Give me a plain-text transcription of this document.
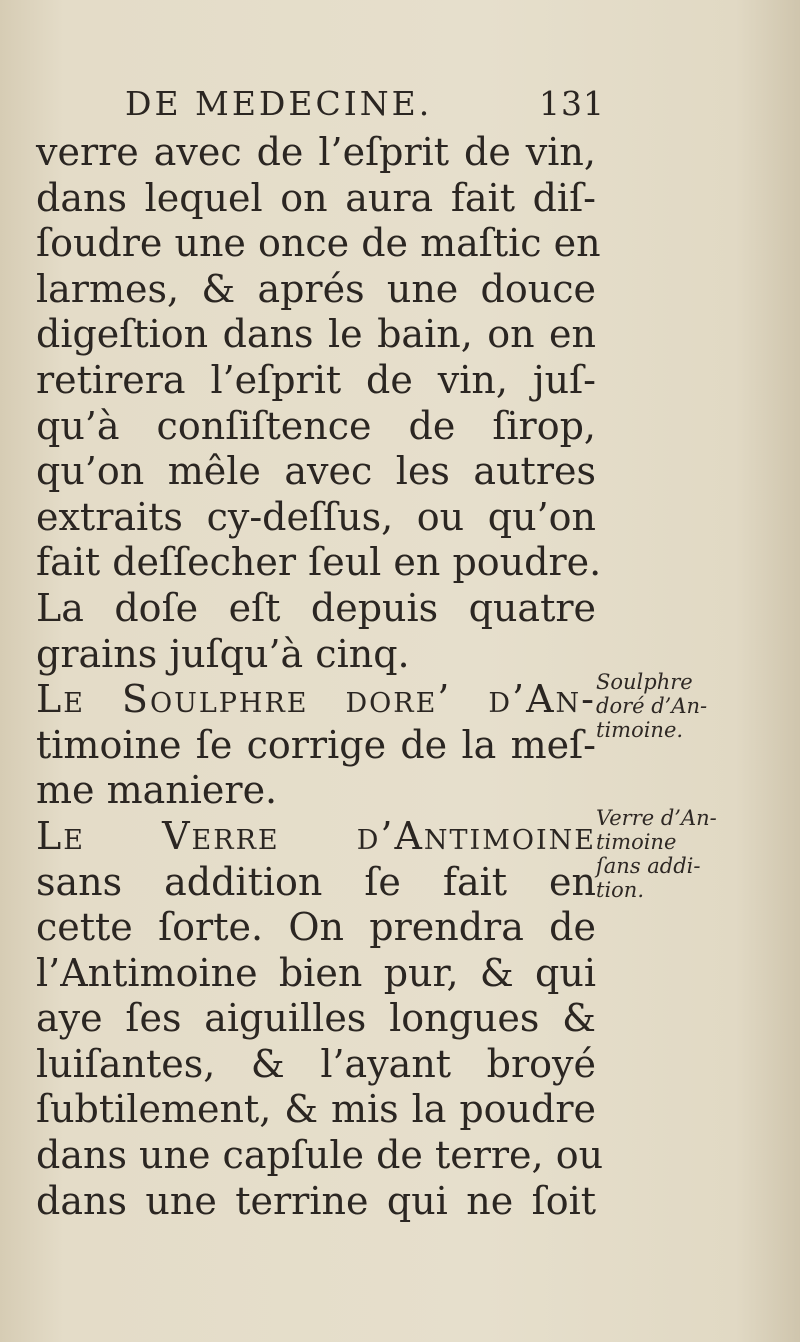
DE MEDECINE.	131
verre avec de l’eſprit de vin,
dans lequel on aura fait diſ-
ſoudre une once de maſtic en
larmes, & aprés une douce
digeſtion dans le bain, on en
retirera l’eſprit de vin, juſ-
qu’à conſiſtence de ſirop,
qu’on mêle avec les autres
extraits cy-deſſus, ou qu’on
fait deſſecher ſeul en poudre.
La doſe eſt depuis quatre
grains juſqu’à cinq.
Le Soulphre dore’ d’An-
timoine ſe corrige de la meſ-
me maniere.
Le Verre d’Antimoine
sans addition ſe fait en
cette ſorte. On prendra de
l’Antimoine bien pur, & qui
aye ſes aiguilles longues &
luiſantes, & l’ayant broyé
ſubtilement, & mis la poudre
dans une capſule de terre, ou
dans une terrine qui ne ſoit
Soulphre
doré d’An-
timoine.
Verre d’An-
timoine
ſans addi-
tion.
